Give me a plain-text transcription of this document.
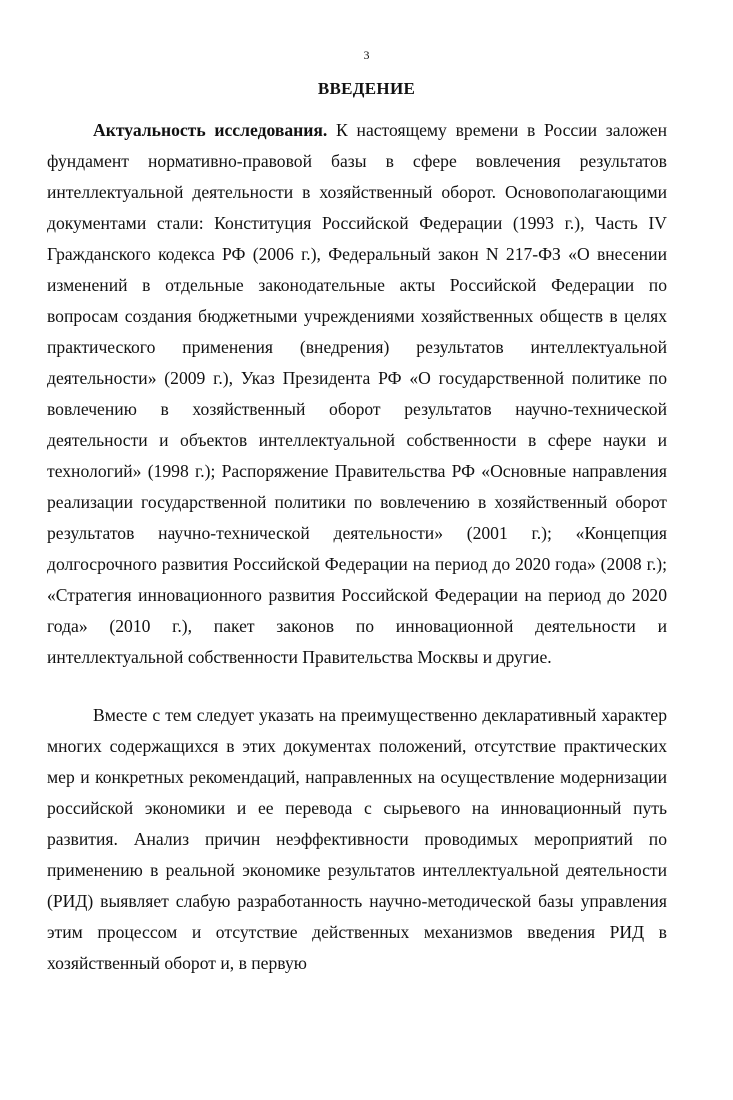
3
ВВЕДЕНИЕ

Актуальность исследования. К настоящему времени в России заложен фундамент нормативно-правовой базы в сфере вовлечения результатов интеллектуальной деятельности в хозяйственный оборот. Основополагающими документами стали: Конституция Российской Федерации (1993 г.), Часть IV Гражданского кодекса РФ (2006 г.), Федеральный закон N 217-ФЗ «О внесении изменений в отдельные законодательные акты Российской Федерации по вопросам создания бюджетными учреждениями хозяйственных обществ в целях практического применения (внедрения) результатов интеллектуальной деятельности» (2009 г.), Указ Президента РФ «О государственной политике по вовлечению в хозяйственный оборот результатов научно-технической деятельности и объектов интеллектуальной собственности в сфере науки и технологий» (1998 г.); Распоряжение Правительства РФ «Основные направления реализации государственной политики по вовлечению в хозяйственный оборот результатов научно-технической деятельности» (2001 г.); «Концепция долгосрочного развития Российской Федерации на период до 2020 года» (2008 г.); «Стратегия инновационного развития Российской Федерации на период до 2020 года» (2010 г.), пакет законов по инновационной деятельности и интеллектуальной собственности Правительства Москвы и другие.

Вместе с тем следует указать на преимущественно декларативный характер многих содержащихся в этих документах положений, отсутствие практических мер и конкретных рекомендаций, направленных на осуществление модернизации российской экономики и ее перевода с сырьевого на инновационный путь развития. Анализ причин неэффективности проводимых мероприятий по применению в реальной экономике результатов интеллектуальной деятельности (РИД) выявляет слабую разработанность научно-методической базы управления этим процессом и отсутствие действенных механизмов введения РИД в хозяйственный оборот и, в первую
